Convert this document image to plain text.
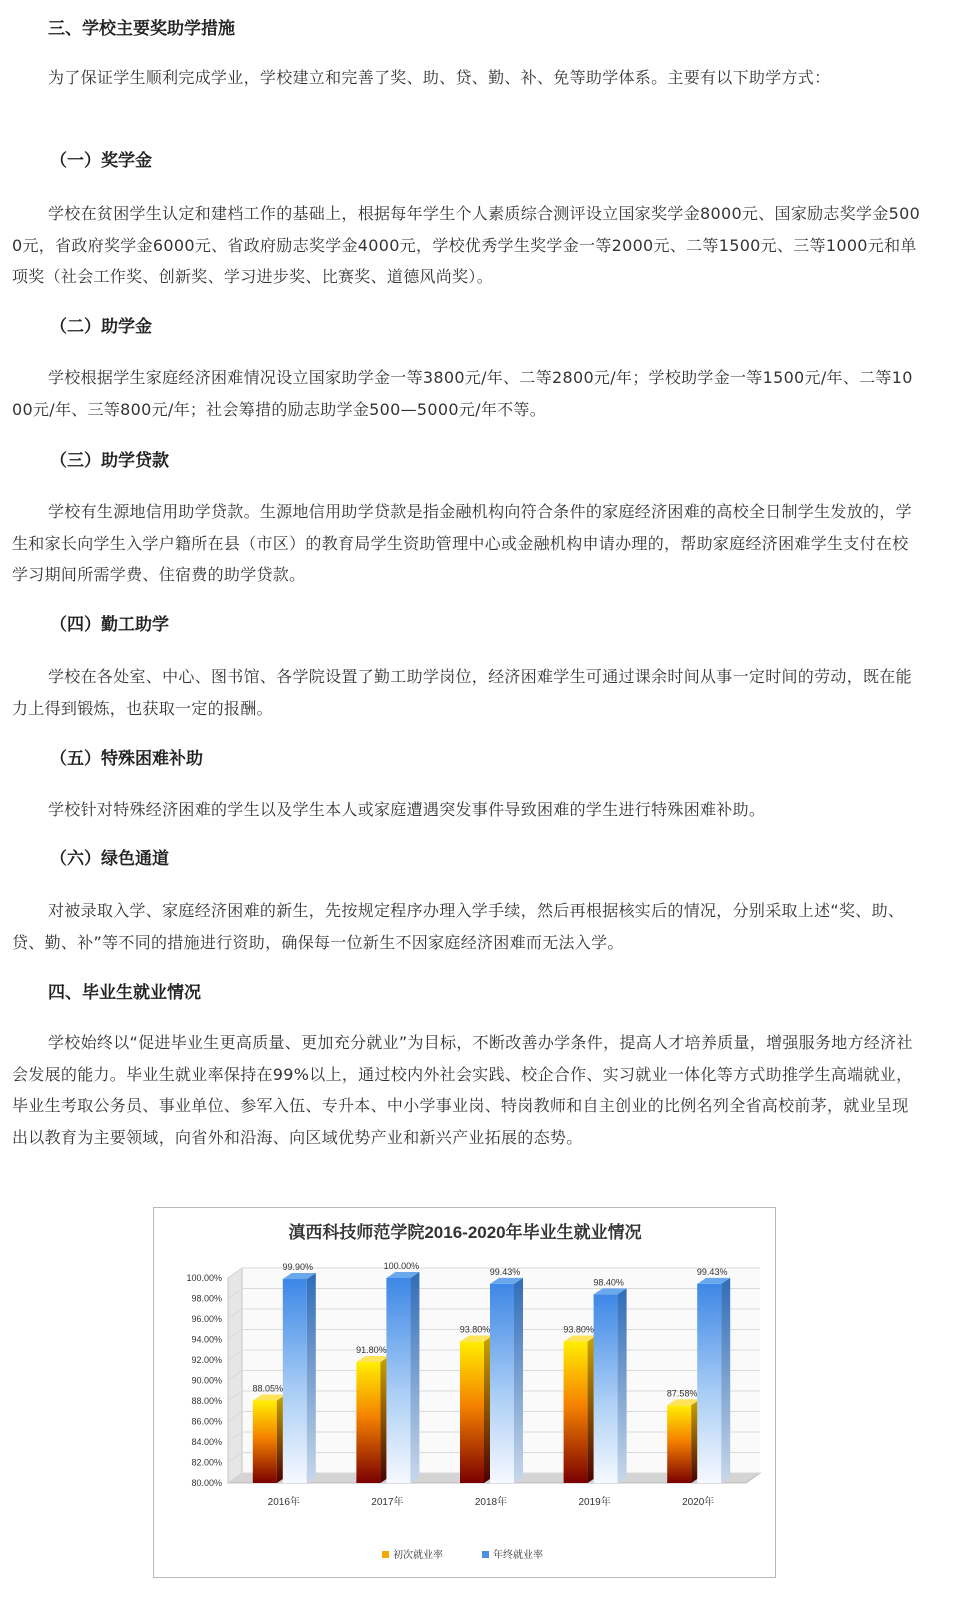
三、学校主要奖助学措施
为了保证学生顺利完成学业，学校建立和完善了奖、助、贷、勤、补、免等助学体系。主要有以下助学方式：
（一）奖学金
学校在贫困学生认定和建档工作的基础上，根据每年学生个人素质综合测评设立国家奖学金8000元、国家励志奖学金5000元，省政府奖学金6000元、省政府励志奖学金4000元，学校优秀学生奖学金一等2000元、二等1500元、三等1000元和单项奖（社会工作奖、创新奖、学习进步奖、比赛奖、道德风尚奖）。
（二）助学金
学校根据学生家庭经济困难情况设立国家助学金一等3800元/年、二等2800元/年；学校助学金一等1500元/年、二等1000元/年、三等800元/年；社会筹措的励志助学金500—5000元/年不等。
（三）助学贷款
学校有生源地信用助学贷款。生源地信用助学贷款是指金融机构向符合条件的家庭经济困难的高校全日制学生发放的，学生和家长向学生入学户籍所在县（市区）的教育局学生资助管理中心或金融机构申请办理的，帮助家庭经济困难学生支付在校学习期间所需学费、住宿费的助学贷款。
（四）勤工助学
学校在各处室、中心、图书馆、各学院设置了勤工助学岗位，经济困难学生可通过课余时间从事一定时间的劳动，既在能力上得到锻炼，也获取一定的报酬。
（五）特殊困难补助
学校针对特殊经济困难的学生以及学生本人或家庭遭遇突发事件导致困难的学生进行特殊困难补助。
（六）绿色通道
对被录取入学、家庭经济困难的新生，先按规定程序办理入学手续，然后再根据核实后的情况，分别采取上述“奖、助、贷、勤、补”等不同的措施进行资助，确保每一位新生不因家庭经济困难而无法入学。
四、毕业生就业情况
学校始终以“促进毕业生更高质量、更加充分就业”为目标，不断改善办学条件，提高人才培养质量，增强服务地方经济社会发展的能力。毕业生就业率保持在99%以上，通过校内外社会实践、校企合作、实习就业一体化等方式助推学生高端就业，毕业生考取公务员、事业单位、参军入伍、专升本、中小学事业岗、特岗教师和自主创业的比例名列全省高校前茅，就业呈现出以教育为主要领域，向省外和沿海、向区域优势产业和新兴产业拓展的态势。
滇西科技师范学院2016-2020年毕业生就业情况
80.00%
82.00%
84.00%
86.00%
88.00%
90.00%
92.00%
94.00%
96.00%
98.00%
100.00%
88.05%
99.90%
2016年
91.80%
100.00%
2017年
93.80%
99.43%
2018年
93.80%
98.40%
2019年
87.58%
99.43%
2020年
初次就业率	年终就业率
